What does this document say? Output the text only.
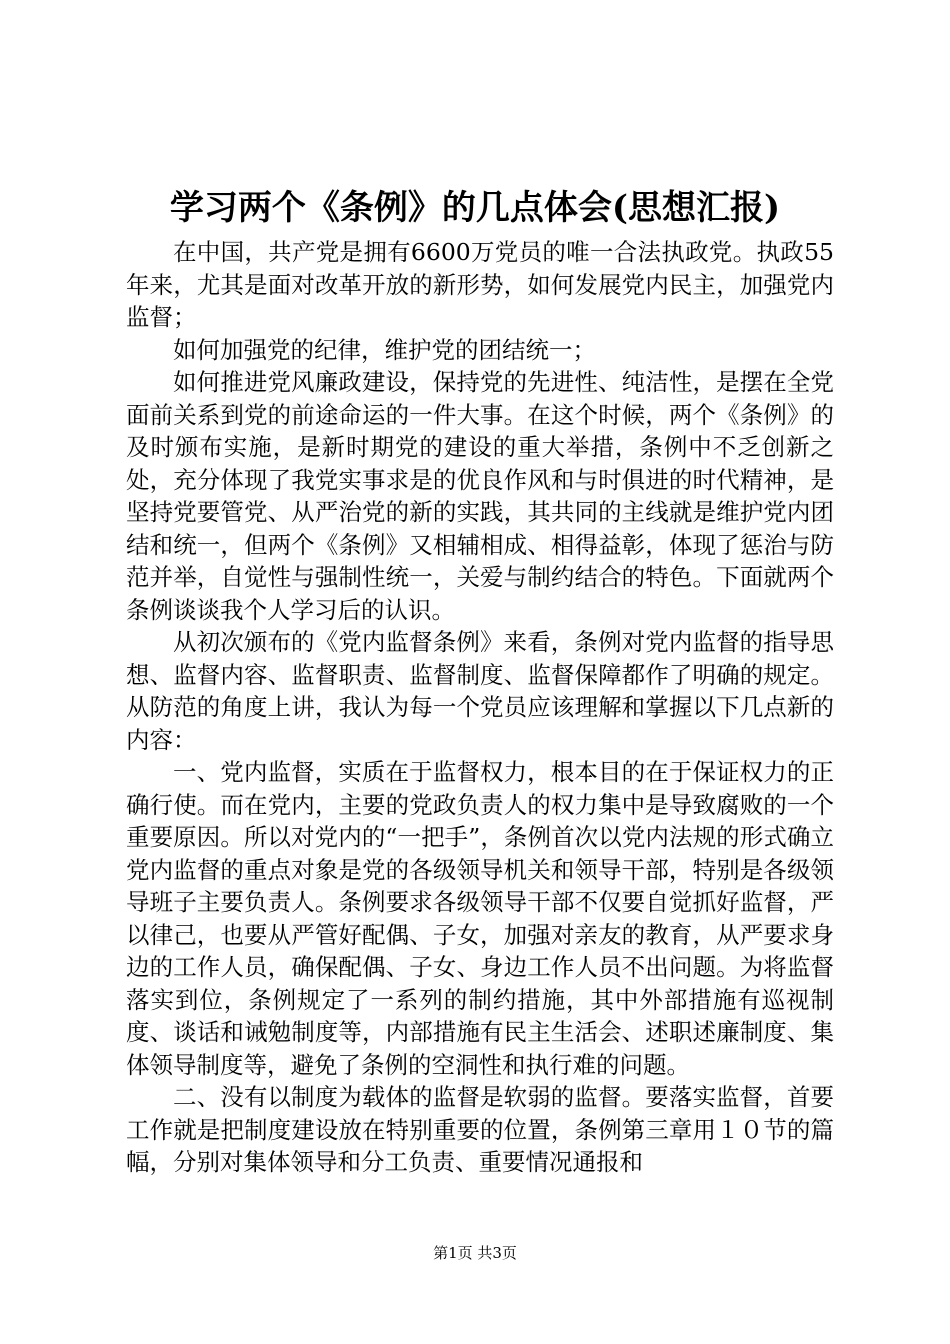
学习两个《条例》的几点体会(思想汇报)

在中国，共产党是拥有6600万党员的唯一合法执政党。执政55年来，尤其是面对改革开放的新形势，如何发展党内民主，加强党内监督；

如何加强党的纪律，维护党的团结统一；

如何推进党风廉政建设，保持党的先进性、纯洁性，是摆在全党面前关系到党的前途命运的一件大事。在这个时候，两个《条例》的及时颁布实施，是新时期党的建设的重大举措，条例中不乏创新之处，充分体现了我党实事求是的优良作风和与时俱进的时代精神，是坚持党要管党、从严治党的新的实践，其共同的主线就是维护党内团结和统一，但两个《条例》又相辅相成、相得益彰，体现了惩治与防范并举，自觉性与强制性统一，关爱与制约结合的特色。下面就两个条例谈谈我个人学习后的认识。

从初次颁布的《党内监督条例》来看，条例对党内监督的指导思想、监督内容、监督职责、监督制度、监督保障都作了明确的规定。从防范的角度上讲，我认为每一个党员应该理解和掌握以下几点新的内容：

一、党内监督，实质在于监督权力，根本目的在于保证权力的正确行使。而在党内，主要的党政负责人的权力集中是导致腐败的一个重要原因。所以对党内的“一把手”，条例首次以党内法规的形式确立党内监督的重点对象是党的各级领导机关和领导干部，特别是各级领导班子主要负责人。条例要求各级领导干部不仅要自觉抓好监督，严以律己，也要从严管好配偶、子女，加强对亲友的教育，从严要求身边的工作人员，确保配偶、子女、身边工作人员不出问题。为将监督落实到位，条例规定了一系列的制约措施，其中外部措施有巡视制度、谈话和诫勉制度等，内部措施有民主生活会、述职述廉制度、集体领导制度等，避免了条例的空洞性和执行难的问题。

二、没有以制度为载体的监督是软弱的监督。要落实监督，首要工作就是把制度建设放在特别重要的位置，条例第三章用１０节的篇幅，分别对集体领导和分工负责、重要情况通报和

第1页 共3页
